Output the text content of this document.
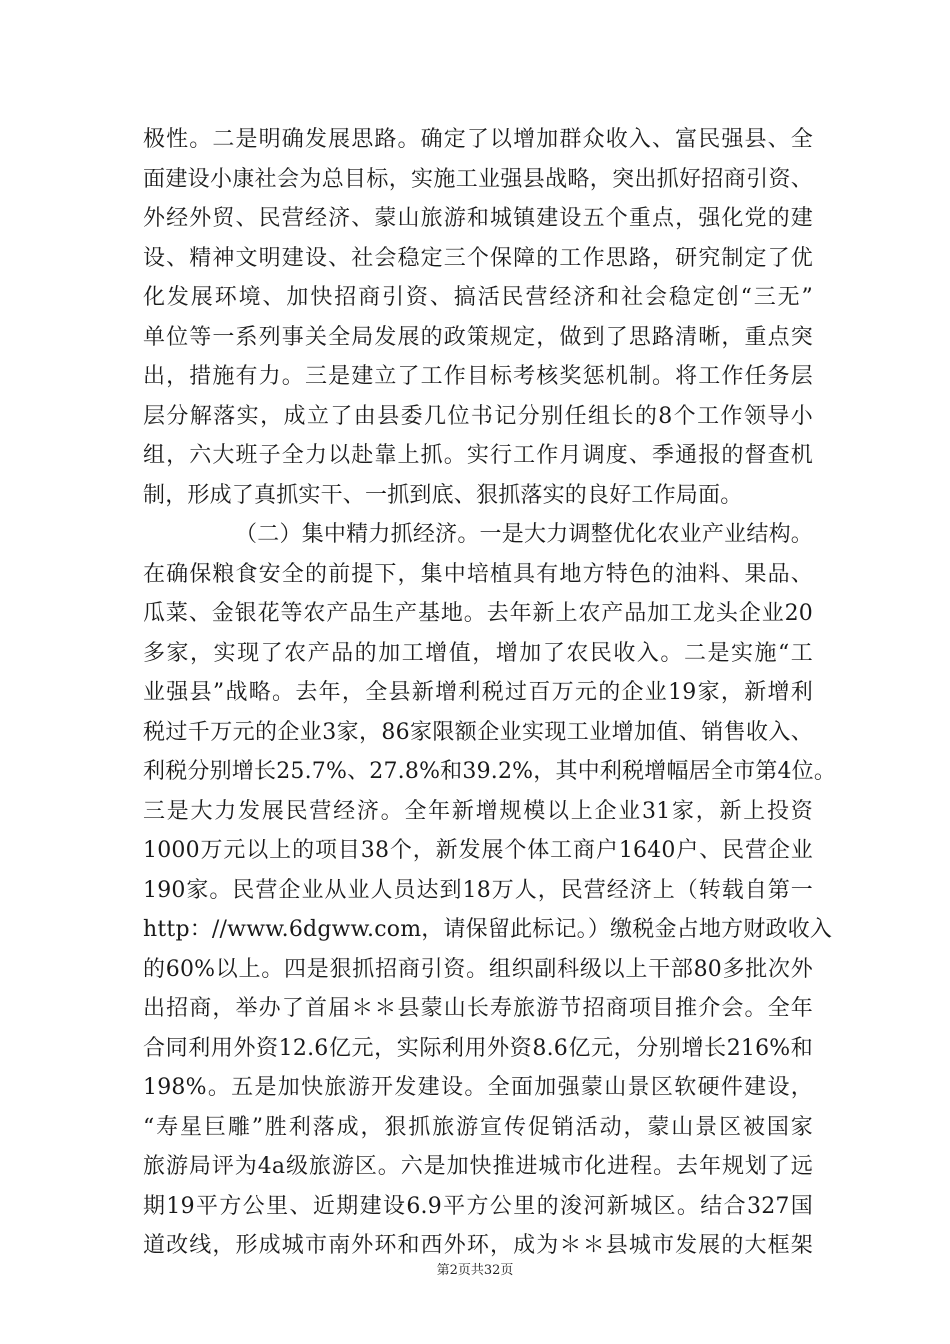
极性。二是明确发展思路。确定了以增加群众收入、富民强县、全
面建设小康社会为总目标，实施工业强县战略，突出抓好招商引资、
外经外贸、民营经济、蒙山旅游和城镇建设五个重点，强化党的建
设、精神文明建设、社会稳定三个保障的工作思路，研究制定了优
化发展环境、加快招商引资、搞活民营经济和社会稳定创“三无”
单位等一系列事关全局发展的政策规定，做到了思路清晰，重点突
出，措施有力。三是建立了工作目标考核奖惩机制。将工作任务层
层分解落实，成立了由县委几位书记分别任组长的8个工作领导小
组，六大班子全力以赴靠上抓。实行工作月调度、季通报的督查机
制，形成了真抓实干、一抓到底、狠抓落实的良好工作局面。
（二）集中精力抓经济。一是大力调整优化农业产业结构。
在确保粮食安全的前提下，集中培植具有地方特色的油料、果品、
瓜菜、金银花等农产品生产基地。去年新上农产品加工龙头企业20
多家，实现了农产品的加工增值，增加了农民收入。二是实施“工
业强县”战略。去年，全县新增利税过百万元的企业19家，新增利
税过千万元的企业3家，86家限额企业实现工业增加值、销售收入、
利税分别增长25.7%、27.8%和39.2%，其中利税增幅居全市第4位。
三是大力发展民营经济。全年新增规模以上企业31家，新上投资
1000万元以上的项目38个，新发展个体工商户1640户、民营企业
190家。民营企业从业人员达到18万人，民营经济上（转载自第一
http：//www.6dgww.com，请保留此标记。）缴税金占地方财政收入
的60%以上。四是狠抓招商引资。组织副科级以上干部80多批次外
出招商，举办了首届＊＊县蒙山长寿旅游节招商项目推介会。全年
合同利用外资12.6亿元，实际利用外资8.6亿元，分别增长216%和
198%。五是加快旅游开发建设。全面加强蒙山景区软硬件建设，
“寿星巨雕”胜利落成，狠抓旅游宣传促销活动，蒙山景区被国家
旅游局评为4a级旅游区。六是加快推进城市化进程。去年规划了远
期19平方公里、近期建设6.9平方公里的浚河新城区。结合327国
道改线，形成城市南外环和西外环，成为＊＊县城市发展的大框架
第2页共32页
